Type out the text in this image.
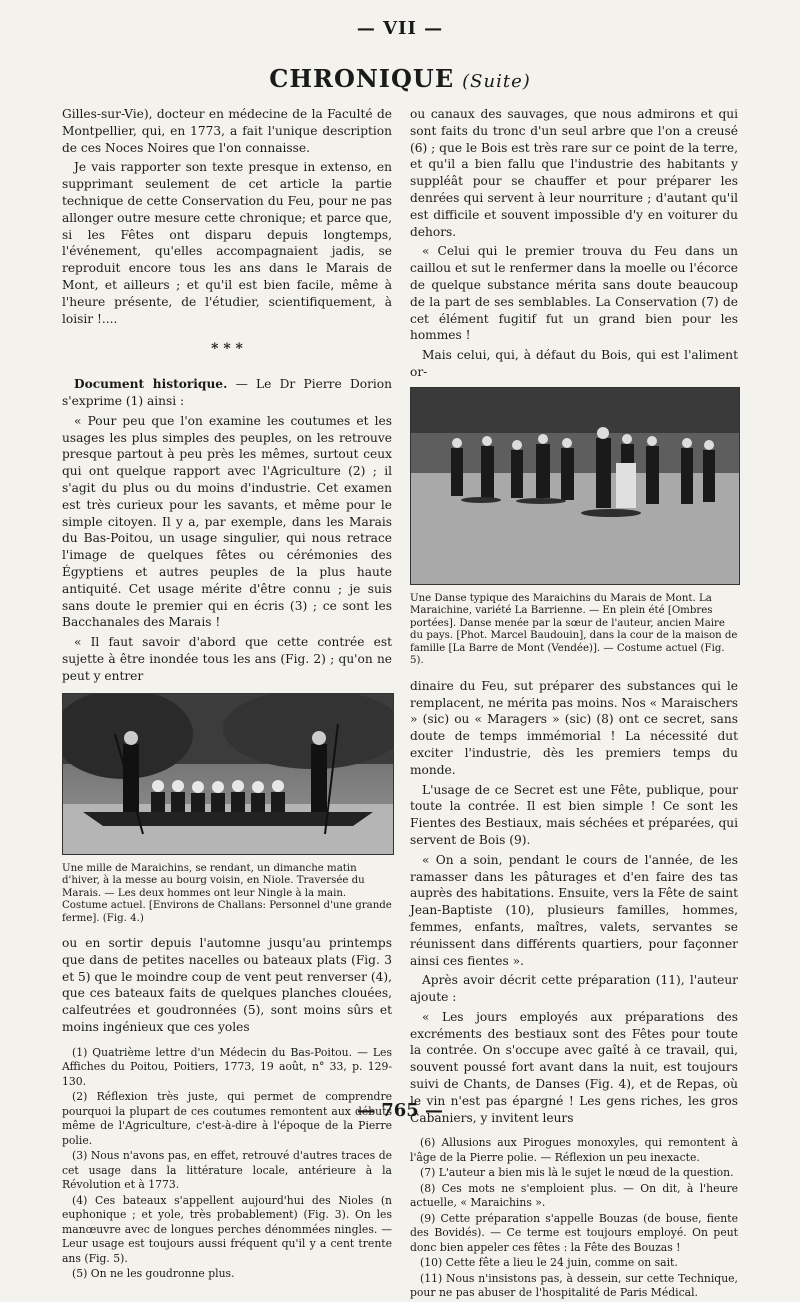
— VII —
CHRONIQUE (Suite)

Gilles-sur-Vie), docteur en médecine de la Faculté de Montpellier, qui, en 1773, a fait l'unique description de ces Noces Noires que l'on connaisse.

Je vais rapporter son texte presque in extenso, en supprimant seulement de cet article la partie technique de cette Conservation du Feu, pour ne pas allonger outre mesure cette chronique; et parce que, si les Fêtes ont disparu depuis longtemps, l'événement, qu'elles accompagnaient jadis, se reproduit encore tous les ans dans le Marais de Mont, et ailleurs ; et qu'il est bien facile, même à l'heure présente, de l'étudier, scientifiquement, à loisir !....

* * *

Document historique. — Le Dr Pierre Dorion s'exprime (1) ainsi :

« Pour peu que l'on examine les coutumes et les usages les plus simples des peuples, on les retrouve presque partout à peu près les mêmes, surtout ceux qui ont quelque rapport avec l'Agriculture (2) ; il s'agit du plus ou du moins d'industrie. Cet examen est très curieux pour les savants, et même pour le simple citoyen. Il y a, par exemple, dans les Marais du Bas-Poitou, un usage singulier, qui nous retrace l'image de quelques fêtes ou cérémonies des Égyptiens et autres peuples de la plus haute antiquité. Cet usage mérite d'être connu ; je suis sans doute le premier qui en écris (3) ; ce sont les Bacchanales des Marais !

« Il faut savoir d'abord que cette contrée est sujette à être inondée tous les ans (Fig. 2) ; qu'on ne peut y entrer

Une mille de Maraichins, se rendant, un dimanche matin d'hiver, à la messe au bourg voisin, en Niole. Traversée du Marais. — Les deux hommes ont leur Ningle à la main. Costume actuel. [Environs de Challans: Personnel d'une grande ferme]. (Fig. 4.)

ou en sortir depuis l'automne jusqu'au printemps que dans de petites nacelles ou bateaux plats (Fig. 3 et 5) que le moindre coup de vent peut renverser (4), que ces bateaux faits de quelques planches clouées, calfeutrées et goudronnées (5), sont moins sûrs et moins ingénieux que ces yoles

(1) Quatrième lettre d'un Médecin du Bas-Poitou. — Les Affiches du Poitou, Poitiers, 1773, 19 août, n° 33, p. 129-130.

(2) Réflexion très juste, qui permet de comprendre pourquoi la plupart de ces coutumes remontent aux débuts même de l'Agriculture, c'est-à-dire à l'époque de la Pierre polie.

(3) Nous n'avons pas, en effet, retrouvé d'autres traces de cet usage dans la littérature locale, antérieure à la Révolution et à 1773.

(4) Ces bateaux s'appellent aujourd'hui des Nioles (n euphonique ; et yole, très probablement) (Fig. 3). On les manœuvre avec de longues perches dénommées ningles. — Leur usage est toujours aussi fréquent qu'il y a cent trente ans (Fig. 5).

(5) On ne les goudronne plus.

ou canaux des sauvages, que nous admirons et qui sont faits du tronc d'un seul arbre que l'on a creusé (6) ; que le Bois est très rare sur ce point de la terre, et qu'il a bien fallu que l'industrie des habitants y suppléât pour se chauffer et pour préparer les denrées qui servent à leur nourriture ; d'autant qu'il est difficile et souvent impossible d'y en voiturer du dehors.

« Celui qui le premier trouva du Feu dans un caillou et sut le renfermer dans la moelle ou l'écorce de quelque substance mérita sans doute beaucoup de la part de ses semblables. La Conservation (7) de cet élément fugitif fut un grand bien pour les hommes !

Mais celui, qui, à défaut du Bois, qui est l'aliment or-

Une Danse typique des Maraichins du Marais de Mont. La Maraichine, variété La Barrienne. — En plein été [Ombres portées]. Danse menée par la sœur de l'auteur, ancien Maire du pays. [Phot. Marcel Baudouin], dans la cour de la maison de famille [La Barre de Mont (Vendée)]. — Costume actuel (Fig. 5).

dinaire du Feu, sut préparer des substances qui le remplacent, ne mérita pas moins. Nos « Maraischers » (sic) ou « Maragers » (sic) (8) ont ce secret, sans doute de temps immémorial ! La nécessité dut exciter l'industrie, dès les premiers temps du monde.

L'usage de ce Secret est une Fête, publique, pour toute la contrée. Il est bien simple ! Ce sont les Fientes des Bestiaux, mais séchées et préparées, qui servent de Bois (9).

« On a soin, pendant le cours de l'année, de les ramasser dans les pâturages et d'en faire des tas auprès des habitations. Ensuite, vers la Fête de saint Jean-Baptiste (10), plusieurs familles, hommes, femmes, enfants, maîtres, valets, servantes se réunissent dans différents quartiers, pour façonner ainsi ces fientes ».

Après avoir décrit cette préparation (11), l'auteur ajoute :

« Les jours employés aux préparations des excréments des bestiaux sont des Fêtes pour toute la contrée. On s'occupe avec gaîté à ce travail, qui, souvent poussé fort avant dans la nuit, est toujours suivi de Chants, de Danses (Fig. 4), et de Repas, où le vin n'est pas épargné ! Les gens riches, les gros Cabaniers, y invitent leurs

(6) Allusions aux Pirogues monoxyles, qui remontent à l'âge de la Pierre polie. — Réflexion un peu inexacte.

(7) L'auteur a bien mis là le sujet le nœud de la question.

(8) Ces mots ne s'emploient plus. — On dit, à l'heure actuelle, « Maraichins ».

(9) Cette préparation s'appelle Bouzas (de bouse, fiente des Bovidés). — Ce terme est toujours employé. On peut donc bien appeler ces fêtes : la Fête des Bouzas !

(10) Cette fête a lieu le 24 juin, comme on sait.

(11) Nous n'insistons pas, à dessein, sur cette Technique, pour ne pas abuser de l'hospitalité de Paris Médical.

— 765 —
